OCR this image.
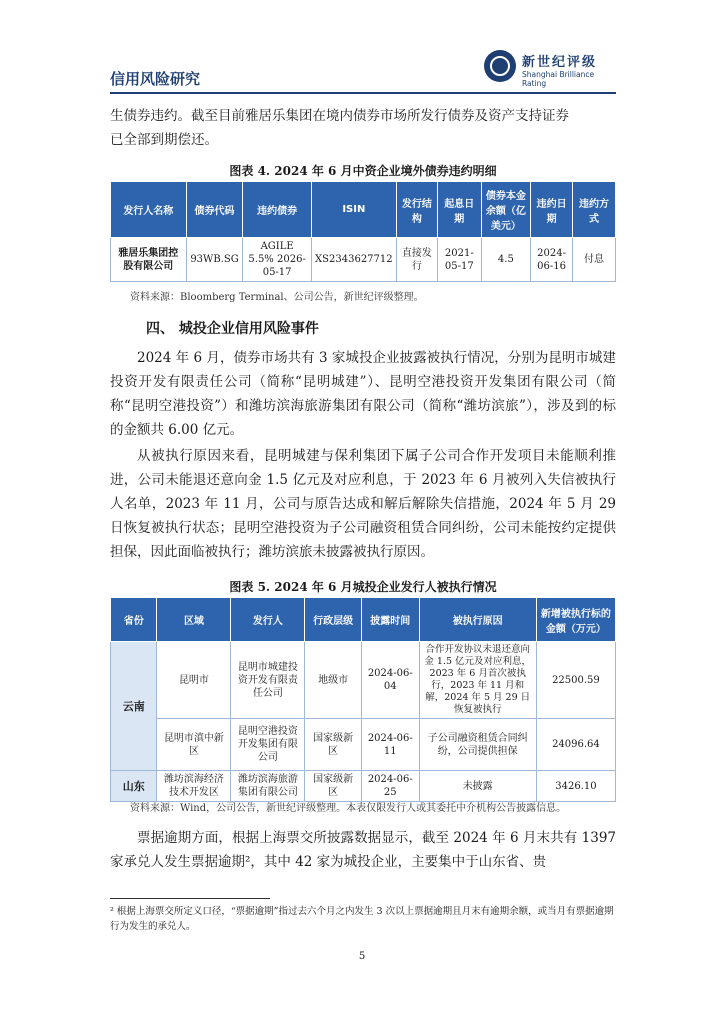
信用风险研究
新世纪评级
Shanghai Brilliance Rating

生债券违约。截至目前雅居乐集团在境内债券市场所发行债券及资产支持证券

已全部到期偿还。

图表 4. 2024 年 6 月中资企业境外债券违约明细
发行人名称	债券代码	违约债券	ISIN	发行结构	起息日期	债券本金余额（亿美元）	违约日期	违约方式
雅居乐集团控股有限公司	93WB.SG	AGILE 5.5% 2026-05-17	XS2343627712	直接发行	2021-05-17	4.5	2024-06-16	付息
资料来源：Bloomberg Terminal、公司公告，新世纪评级整理。
四、 城投企业信用风险事件
2024 年 6 月，债券市场共有 3 家城投企业披露被执行情况，分别为昆明市城建投资开发有限责任公司（简称“昆明城建”）、昆明空港投资开发集团有限公司（简称“昆明空港投资”）和潍坊滨海旅游集团有限公司（简称“潍坊滨旅”），涉及到的标的金额共 6.00 亿元。
从被执行原因来看，昆明城建与保利集团下属子公司合作开发项目未能顺利推进，公司未能退还意向金 1.5 亿元及对应利息，于 2023 年 6 月被列入失信被执行人名单，2023 年 11 月，公司与原告达成和解后解除失信措施，2024 年 5 月 29 日恢复被执行状态；昆明空港投资为子公司融资租赁合同纠纷，公司未能按约定提供担保，因此面临被执行；潍坊滨旅未披露被执行原因。
图表 5. 2024 年 6 月城投企业发行人被执行情况
省份	区域	发行人	行政层级	披露时间	被执行原因	新增被执行标的金额（万元）
云南	昆明市	昆明市城建投资开发有限责任公司	地级市	2024-06-04	合作开发协议未退还意向金 1.5 亿元及对应利息，2023 年 6 月首次被执行，2023 年 11 月和解，2024 年 5 月 29 日恢复被执行	22500.59
	昆明市滇中新区	昆明空港投资开发集团有限公司	国家级新区	2024-06-11	子公司融资租赁合同纠纷，公司提供担保	24096.64
山东	潍坊滨海经济技术开发区	潍坊滨海旅游集团有限公司	国家级新区	2024-06-25	未披露	3426.10
资料来源：Wind，公司公告，新世纪评级整理。本表仅限发行人或其委托中介机构公告披露信息。
票据逾期方面，根据上海票交所披露数据显示，截至 2024 年 6 月末共有 1397 家承兑人发生票据逾期²，其中 42 家为城投企业，主要集中于山东省、贵
² 根据上海票交所定义口径，“票据逾期”指过去六个月之内发生 3 次以上票据逾期且月末有逾期余额，或当月有票据逾期行为发生的承兑人。
5
